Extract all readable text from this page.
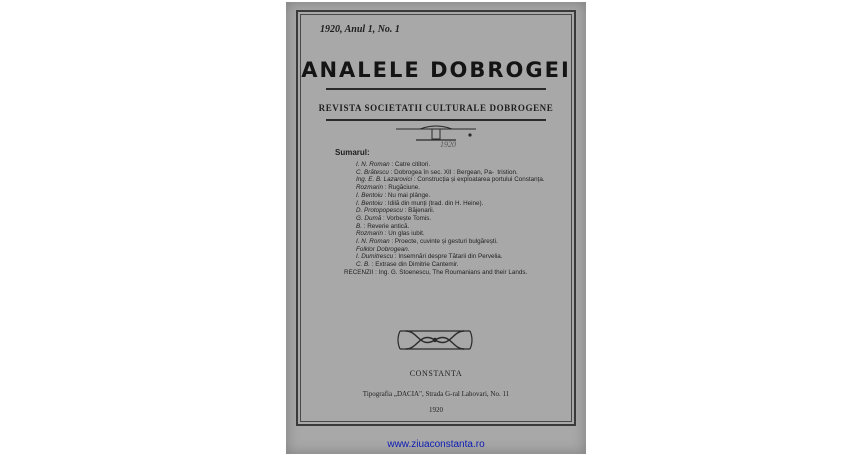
1920, Anul 1, No. 1
ANALELE DOBROGEI
REVISTA SOCIETATII CULTURALE DOBROGENE
1920
Sumarul:
I. N. Roman : Catre cititori.
C. Brătescu : Dobrogea în sec. XII : Bergean, Pa-  tristion.
Ing. E. B. Lazarovici : Construcția și exploatarea portului Constanța.
Rozmarin : Rugăciune.
I. Bentoiu : Nu mai plânge.
I. Bentoiu : Idilă din munți (trad. din H. Heine).
D. Protopopescu : Băjenarii.
G. Dumă : Vorbește Tomis.
B. : Reverie antică.
Rozmarin : Un glas iubit.
I. N. Roman : Proecte, cuvinte și gesturi bulgărești.
Folklor Dobrogean.
I. Dumitrescu : Insemnări despre Tătarii din Pervelia.
C. B. : Extrase din Dimitrie Cantemir.
RECENZII : Ing. G. Stoenescu, The Roumanians and their Lands.
CONSTANTA
Tipografia „DACIA", Strada G-ral Lahovari, No. 11
1920
www.ziuaconstanta.ro
